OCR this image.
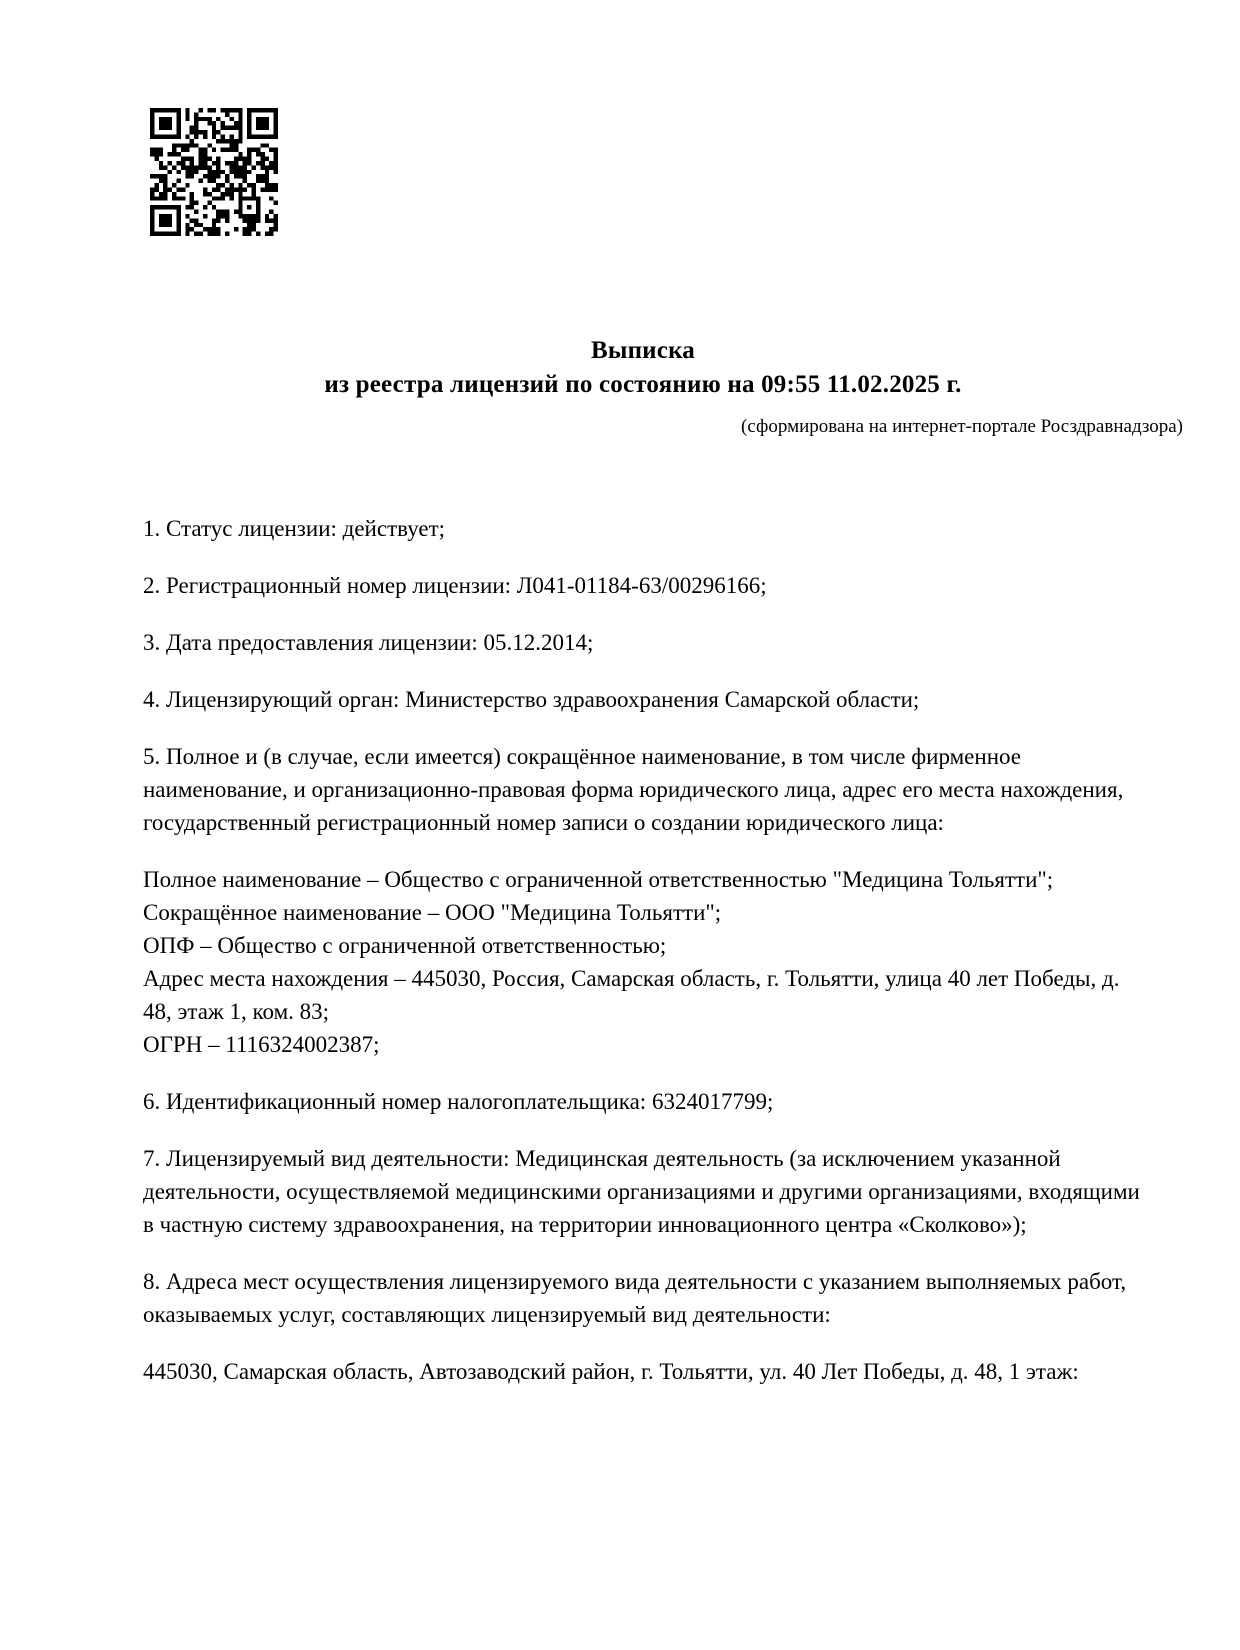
Выписка
из реестра лицензий по состоянию на 09:55 11.02.2025 г.
(сформирована на интернет-портале Росздравнадзора)
1. Статус лицензии: действует;
2. Регистрационный номер лицензии: Л041-01184-63/00296166;
3. Дата предоставления лицензии: 05.12.2014;
4. Лицензирующий орган: Министерство здравоохранения Самарской области;
5. Полное и (в случае, если имеется) сокращённое наименование, в том числе фирменное наименование, и организационно-правовая форма юридического лица, адрес его места нахождения, государственный регистрационный номер записи о создании юридического лица:
Полное наименование – Общество с ограниченной ответственностью "Медицина Тольятти";
Сокращённое наименование – ООО "Медицина Тольятти";
ОПФ – Общество с ограниченной ответственностью;
Адрес места нахождения – 445030, Россия, Самарская область, г. Тольятти, улица 40 лет Победы, д. 48, этаж 1, ком. 83;
ОГРН – 1116324002387;
6. Идентификационный номер налогоплательщика: 6324017799;
7. Лицензируемый вид деятельности: Медицинская деятельность (за исключением указанной деятельности, осуществляемой медицинскими организациями и другими организациями, входящими в частную систему здравоохранения, на территории инновационного центра «Сколково»);
8. Адреса мест осуществления лицензируемого вида деятельности с указанием выполняемых работ, оказываемых услуг, составляющих лицензируемый вид деятельности:
445030, Самарская область, Автозаводский район, г. Тольятти, ул. 40 Лет Победы, д. 48, 1 этаж:
